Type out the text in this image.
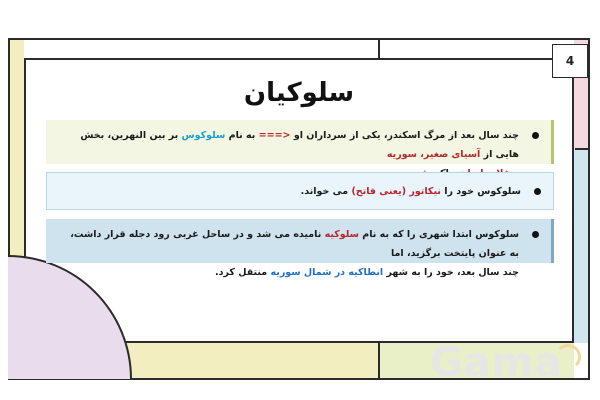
4
سلوکیان
چند سال بعد از مرگ اسکندر، یکی از سرداران او <=== به نام سلوکوس بر بین النهرین، بخش هایی از آسیای صغیر، سوریه
سلوکوس خود را نیکاتور (یعنی فاتح) می خواند.
سلوکوس ابتدا شهری را که به نام سلوکیه نامیده می شد و در ساحل غربی رود دجله قرار داشت، به عنوان پایتخت برگزید، اما
چند سال بعد، خود را به شهر انطاکیه در شمال سوریه منتقل کرد.
Gama
